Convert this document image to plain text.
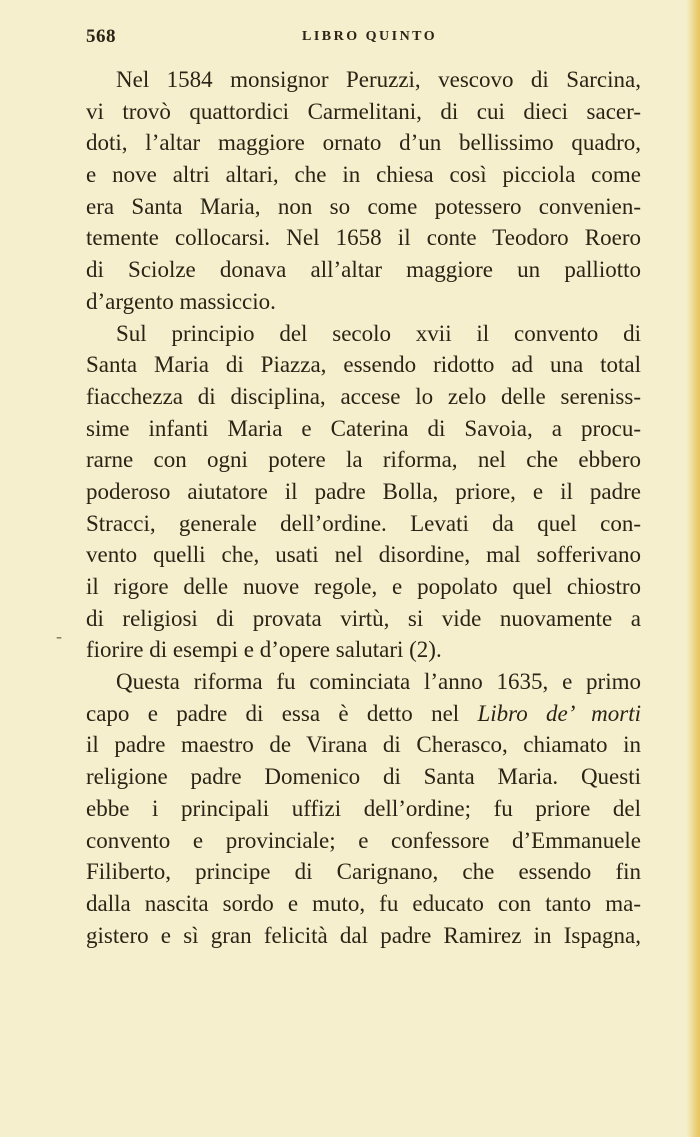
568	LIBRO QUINTO
-
Nel 1584 monsignor Peruzzi, vescovo di Sarcina,
vi trovò quattordici Carmelitani, di cui dieci sacer-
doti, l’altar maggiore ornato d’un bellissimo quadro,
e nove altri altari, che in chiesa così picciola come
era Santa Maria, non so come potessero convenien-
temente collocarsi. Nel 1658 il conte Teodoro Roero
di Sciolze donava all’altar maggiore un palliotto
d’argento massiccio.
Sul principio del secolo xvii il convento di
Santa Maria di Piazza, essendo ridotto ad una total
fiacchezza di disciplina, accese lo zelo delle sereniss-
sime infanti Maria e Caterina di Savoia, a procu-
rarne con ogni potere la riforma, nel che ebbero
poderoso aiutatore il padre Bolla, priore, e il padre
Stracci, generale dell’ordine. Levati da quel con-
vento quelli che, usati nel disordine, mal sofferivano
il rigore delle nuove regole, e popolato quel chiostro
di religiosi di provata virtù, si vide nuovamente a
fiorire di esempi e d’opere salutari (2).
Questa riforma fu cominciata l’anno 1635, e primo
capo e padre di essa è detto nel Libro de’ morti
il padre maestro de Virana di Cherasco, chiamato in
religione padre Domenico di Santa Maria. Questi
ebbe i principali uffizi dell’ordine; fu priore del
convento e provinciale; e confessore d’Emmanuele
Filiberto, principe di Carignano, che essendo fin
dalla nascita sordo e muto, fu educato con tanto ma-
gistero e sì gran felicità dal padre Ramirez in Ispagna,
